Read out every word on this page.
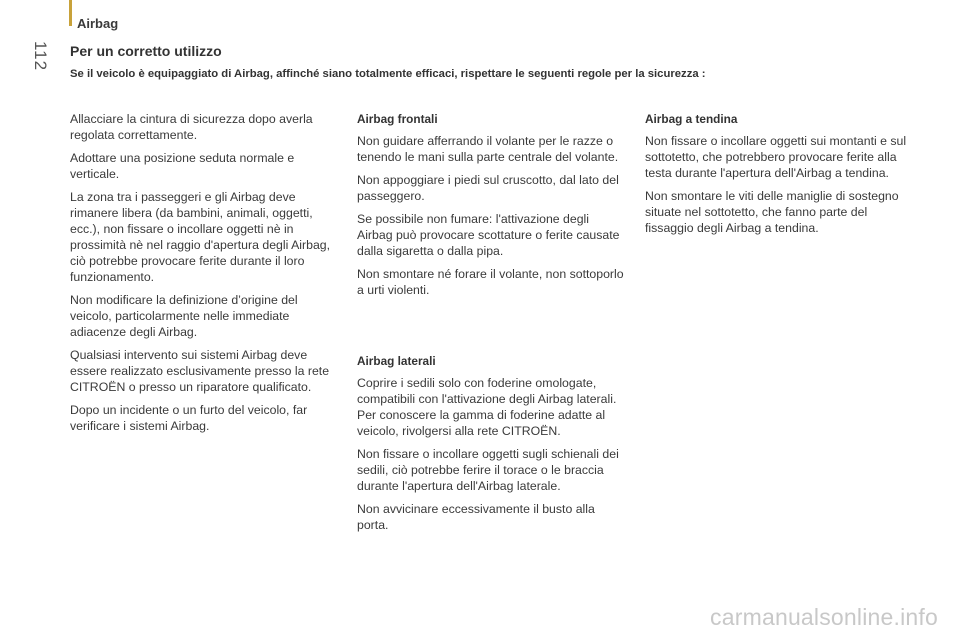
Airbag
112 Per un corretto utilizzo
Se il veicolo è equipaggiato di Airbag, affinché siano totalmente efficaci, rispettare le seguenti regole per la sicurezza :

Allacciare la cintura di sicurezza dopo averla regolata correttamente.

Adottare una posizione seduta normale e verticale.

La zona tra i passeggeri e gli Airbag deve rimanere libera (da bambini, animali, oggetti, ecc.), non fissare o incollare oggetti nè in prossimità nè nel raggio d'apertura degli Airbag, ciò potrebbe provocare ferite durante il loro funzionamento.

Non modificare la definizione d’origine del veicolo, particolarmente nelle immediate adiacenze degli Airbag.

Qualsiasi intervento sui sistemi Airbag deve essere realizzato esclusivamente presso la rete CITROËN o presso un riparatore qualificato.

Dopo un incidente o un furto del veicolo, far verificare i sistemi Airbag.

Airbag frontali

Non guidare afferrando il volante per le razze o tenendo le mani sulla parte centrale del volante.

Non appoggiare i piedi sul cruscotto, dal lato del passeggero.

Se possibile non fumare: l'attivazione degli Airbag può provocare scottature o ferite causate dalla sigaretta o dalla pipa.

Non smontare né forare il volante, non sottoporlo a urti violenti.

Airbag laterali

Coprire i sedili solo con foderine omologate, compatibili con l'attivazione degli Airbag laterali. Per conoscere la gamma di foderine adatte al veicolo, rivolgersi alla rete CITROËN.

Non fissare o incollare oggetti sugli schienali dei sedili, ciò potrebbe ferire il torace o le braccia durante l'apertura dell'Airbag laterale.

Non avvicinare eccessivamente il busto alla porta.

Airbag a tendina

Non fissare o incollare oggetti sui montanti e sul sottotetto, che potrebbero provocare ferite alla testa durante l'apertura dell'Airbag a tendina.

Non smontare le viti delle maniglie di sostegno situate nel sottotetto, che fanno parte del fissaggio degli Airbag a tendina.

carmanualsonline.info
